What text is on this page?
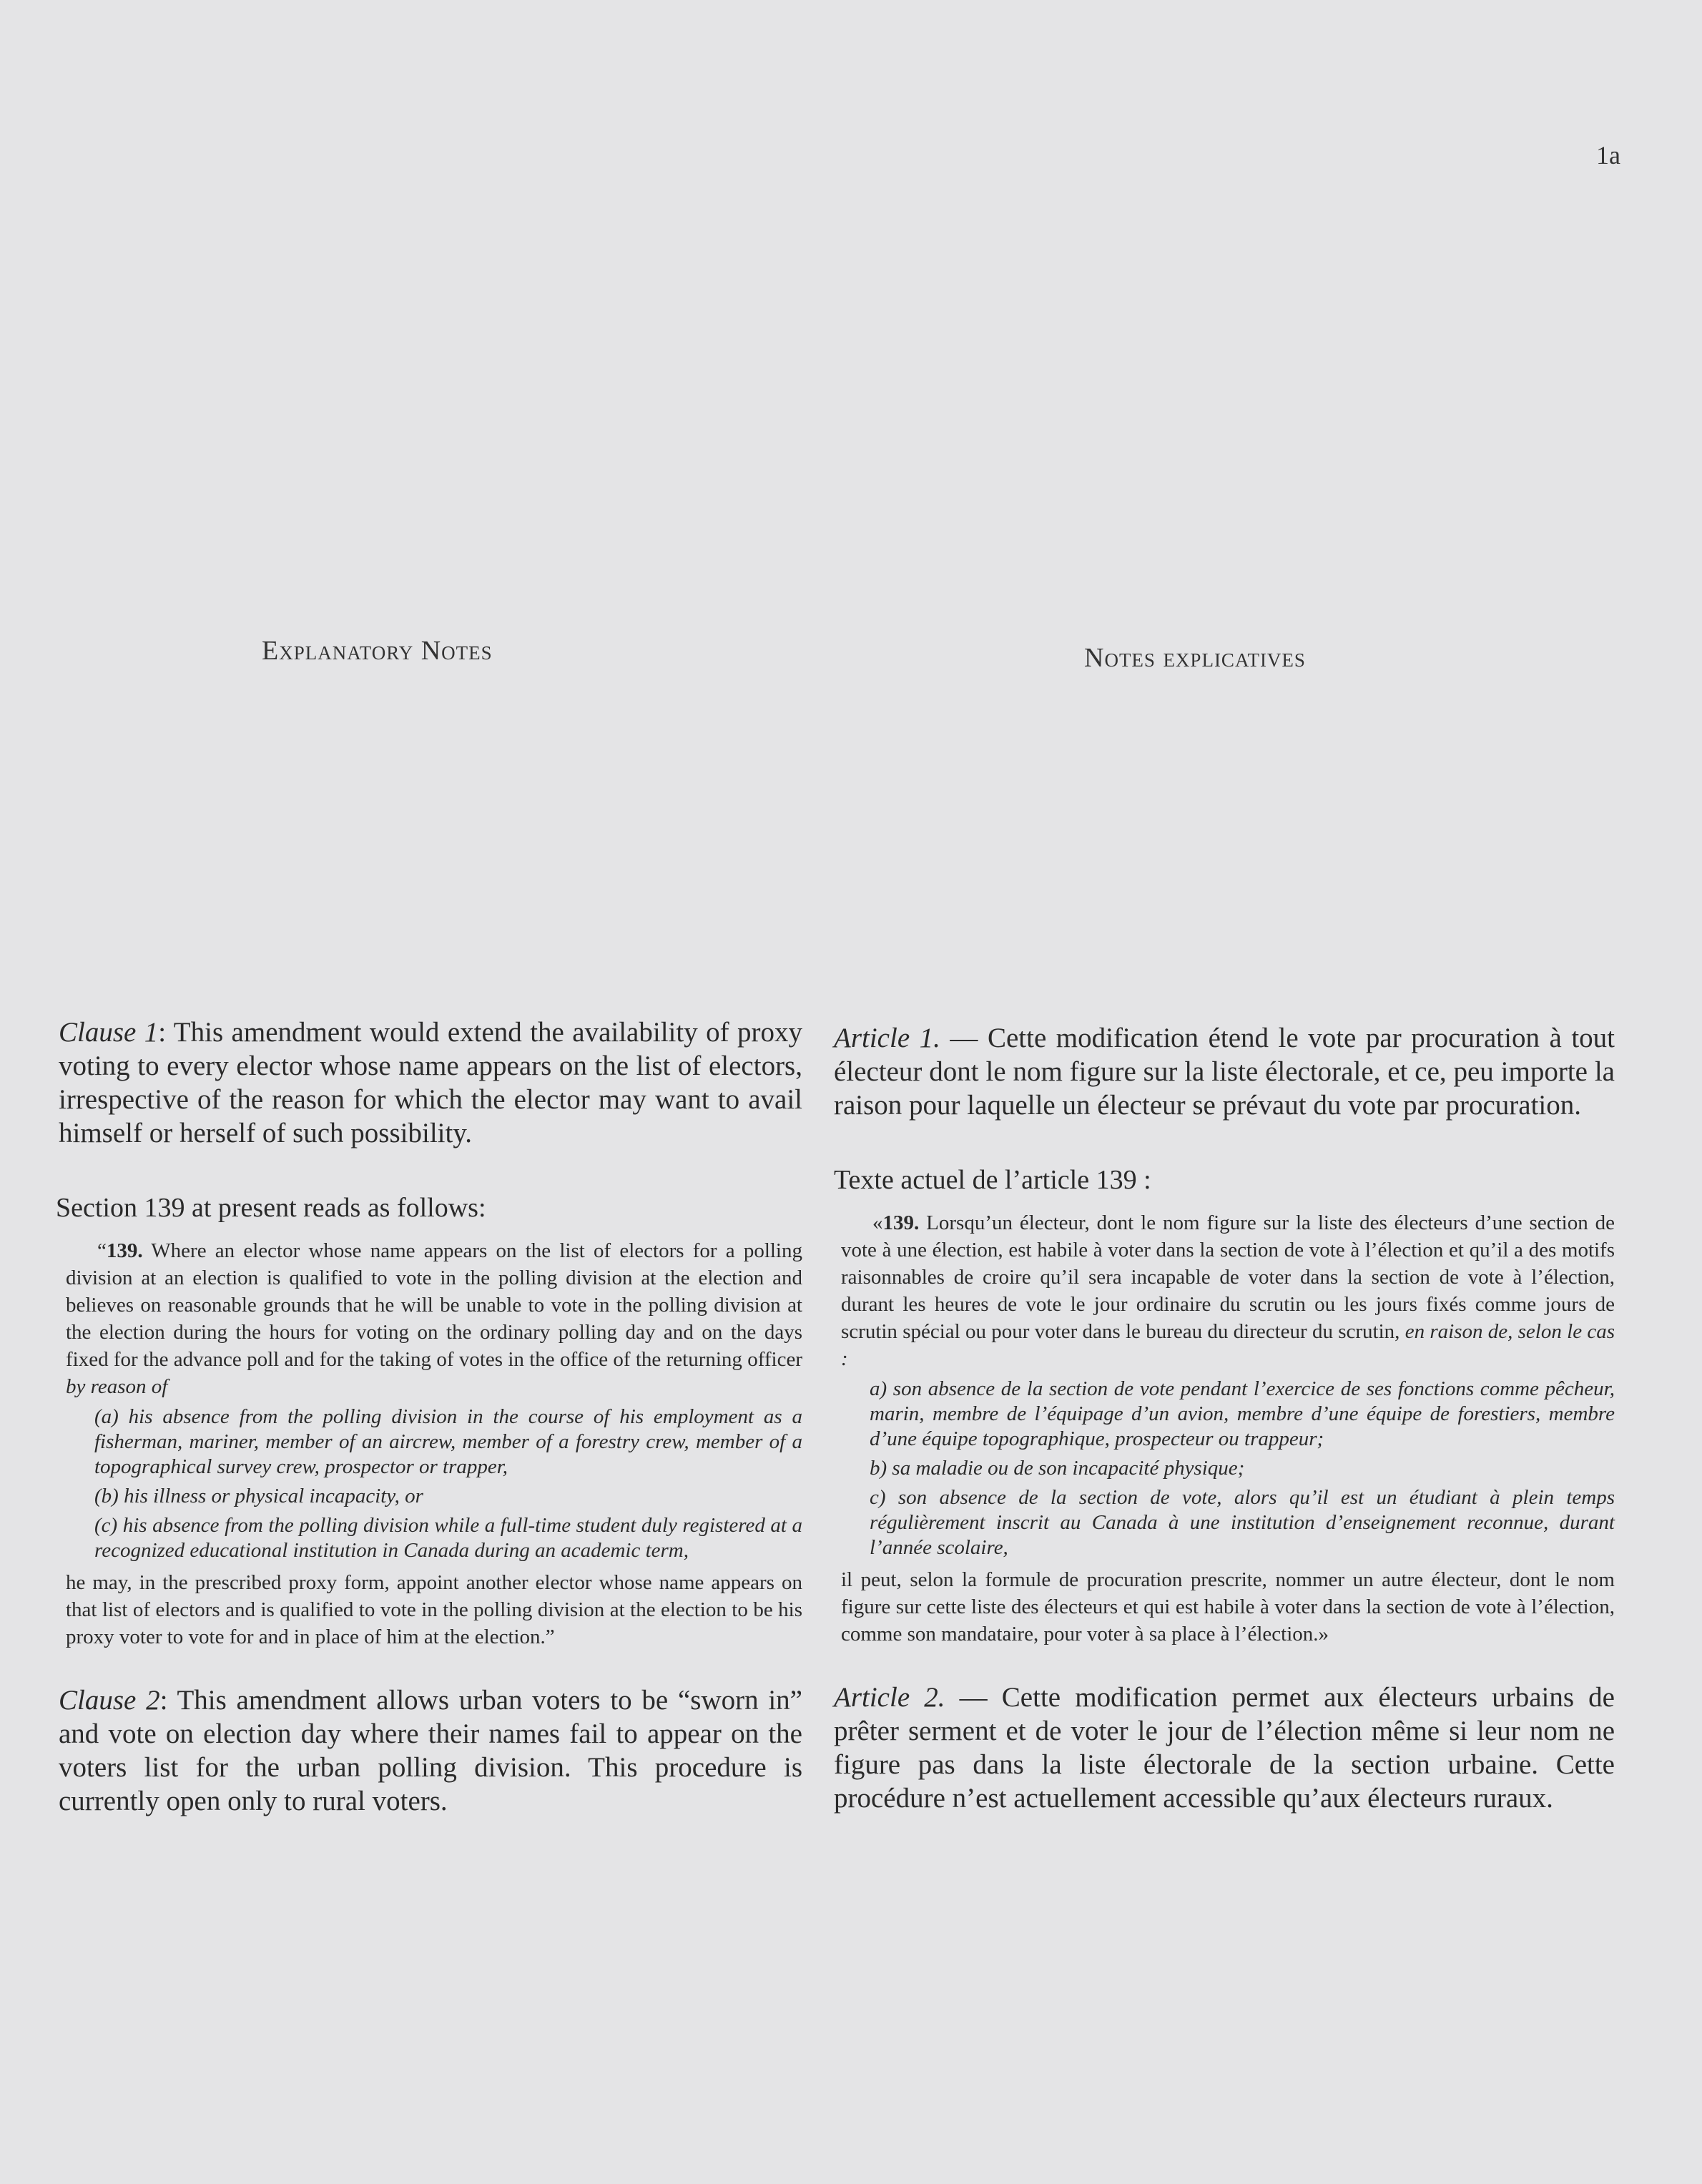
1a
Explanatory Notes	Notes explicatives

Clause 1: This amendment would extend the availability of proxy voting to every elector whose name appears on the list of electors, irrespective of the reason for which the elector may want to avail himself or herself of such possibility.

Section 139 at present reads as follows:

“139. Where an elector whose name appears on the list of electors for a polling division at an election is qualified to vote in the polling division at the election and believes on reasonable grounds that he will be unable to vote in the polling division at the election during the hours for voting on the ordinary polling day and on the days fixed for the advance poll and for the taking of votes in the office of the returning officer by reason of

(a) his absence from the polling division in the course of his employment as a fisherman, mariner, member of an aircrew, member of a forestry crew, member of a topographical survey crew, prospector or trapper,

(b) his illness or physical incapacity, or

(c) his absence from the polling division while a full-time student duly registered at a recognized educational institution in Canada during an academic term,

he may, in the prescribed proxy form, appoint another elector whose name appears on that list of electors and is qualified to vote in the polling division at the election to be his proxy voter to vote for and in place of him at the election.”

Clause 2: This amendment allows urban voters to be “sworn in” and vote on election day where their names fail to appear on the voters list for the urban polling division. This procedure is currently open only to rural voters.

Article 1. — Cette modification étend le vote par procuration à tout électeur dont le nom figure sur la liste électorale, et ce, peu importe la raison pour laquelle un électeur se prévaut du vote par procuration.

Texte actuel de l’article 139 :

«139. Lorsqu’un électeur, dont le nom figure sur la liste des électeurs d’une section de vote à une élection, est habile à voter dans la section de vote à l’élection et qu’il a des motifs raisonnables de croire qu’il sera incapable de voter dans la section de vote à l’élection, durant les heures de vote le jour ordinaire du scrutin ou les jours fixés comme jours de scrutin spécial ou pour voter dans le bureau du directeur du scrutin, en raison de, selon le cas :

a) son absence de la section de vote pendant l’exercice de ses fonctions comme pêcheur, marin, membre de l’équipage d’un avion, membre d’une équipe de forestiers, membre d’une équipe topographique, prospecteur ou trappeur;

b) sa maladie ou de son incapacité physique;

c) son absence de la section de vote, alors qu’il est un étudiant à plein temps régulièrement inscrit au Canada à une institution d’enseignement reconnue, durant l’année scolaire,

il peut, selon la formule de procuration prescrite, nommer un autre électeur, dont le nom figure sur cette liste des électeurs et qui est habile à voter dans la section de vote à l’élection, comme son mandataire, pour voter à sa place à l’élection.»

Article 2. — Cette modification permet aux électeurs urbains de prêter serment et de voter le jour de l’élection même si leur nom ne figure pas dans la liste électorale de la section urbaine. Cette procédure n’est actuellement accessible qu’aux électeurs ruraux.
